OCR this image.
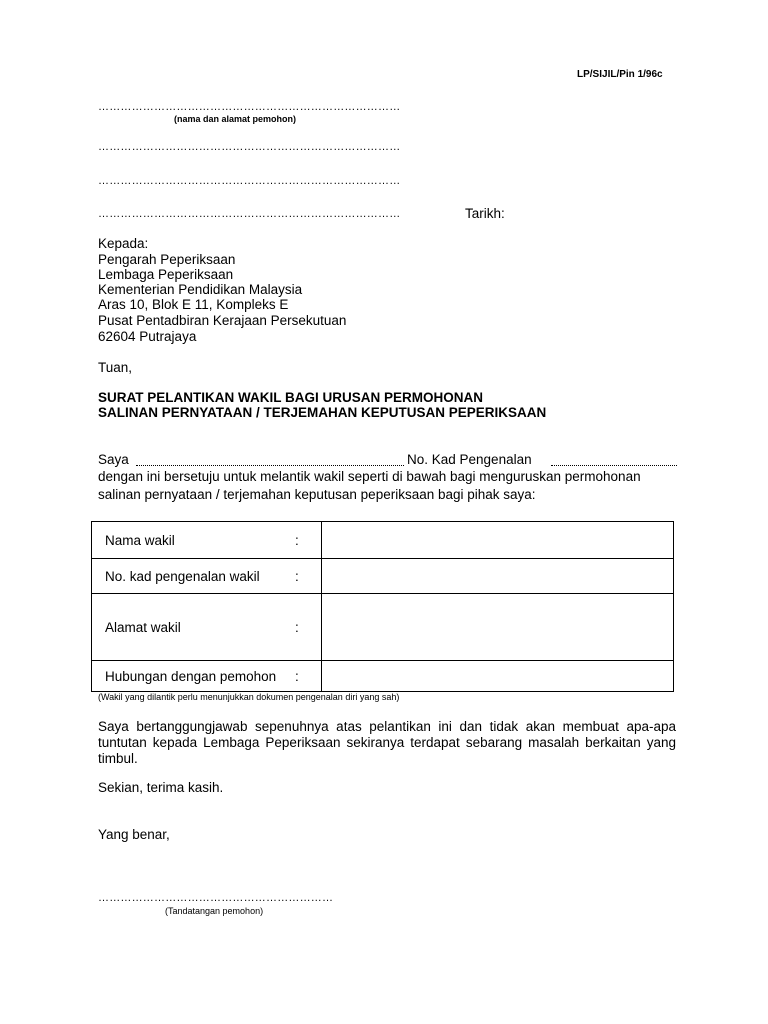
LP/SIJIL/Pin 1/96c
………………………………………………………………………
(nama dan alamat pemohon)
………………………………………………………………………
………………………………………………………………………
………………………………………………………………………	Tarikh:
Kepada:
Pengarah Peperiksaan
Lembaga Peperiksaan
Kementerian Pendidikan Malaysia
Aras 10, Blok E 11, Kompleks E
Pusat Pentadbiran Kerajaan Persekutuan
62604 Putrajaya
Tuan,
SURAT PELANTIKAN WAKIL BAGI URUSAN PERMOHONAN
SALINAN PERNYATAAN / TERJEMAHAN KEPUTUSAN PEPERIKSAAN
Saya	No. Kad Pengenalan
dengan ini bersetuju untuk melantik wakil seperti di bawah bagi menguruskan permohonan
salinan pernyataan / terjemahan keputusan peperiksaan bagi pihak saya:
Nama wakil	:	
No. kad pengenalan wakil	:	
Alamat wakil	:	
Hubungan dengan pemohon	:	
(Wakil yang dilantik perlu menunjukkan dokumen pengenalan diri yang sah)
Saya bertanggungjawab sepenuhnya atas pelantikan ini dan tidak akan membuat apa-apa tuntutan kepada Lembaga Peperiksaan sekiranya terdapat sebarang masalah berkaitan yang timbul.
Sekian, terima kasih.
Yang benar,
………………………………………………………
(Tandatangan pemohon)
